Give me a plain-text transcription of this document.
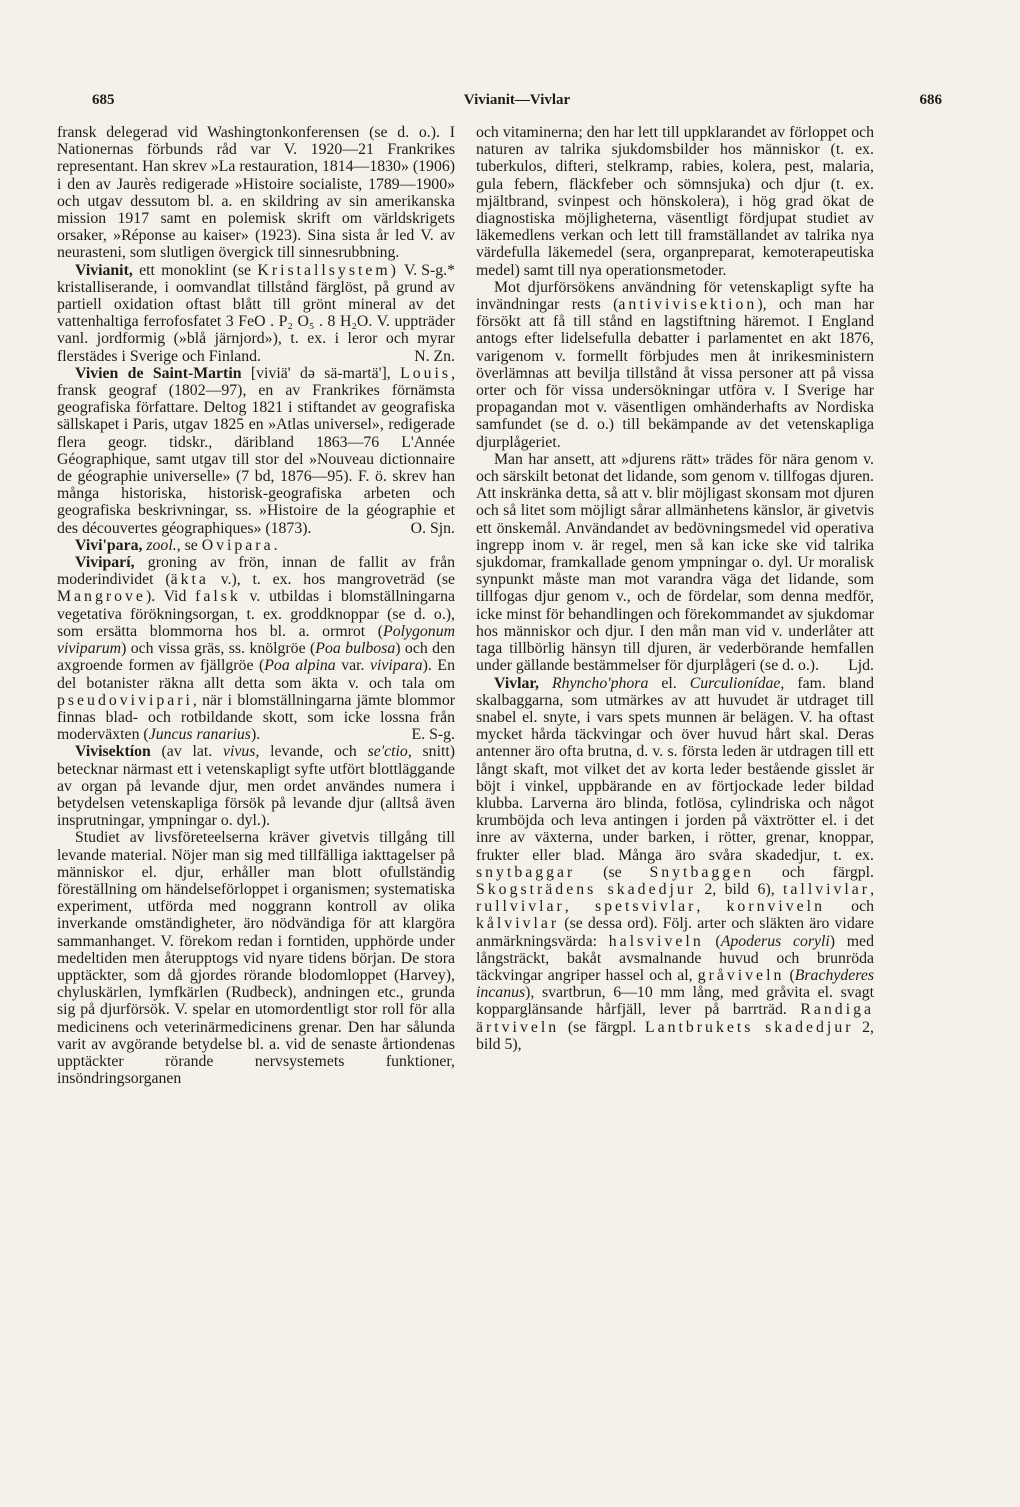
685	Vivianit—Vivlar	686

fransk delegerad vid Washingtonkonferensen (se d. o.). I Nationernas förbunds råd var V. 1920—21 Frankrikes representant. Han skrev »La restauration, 1814—1830» (1906) i den av Jaurès redigerade »Histoire socialiste, 1789—1900» och utgav dessutom bl. a. en skildring av sin amerikanska mission 1917 samt en polemisk skrift om världskrigets orsaker, »Réponse au kaiser» (1923). Sina sista år led V. av neurasteni, som slutligen övergick till sinnesrubbning.
V. S-g.*

Vivianit, ett monoklint (se Kristallsystem) kristalliserande, i oomvandlat tillstånd färglöst, på grund av partiell oxidation oftast blått till grönt mineral av det vattenhaltiga ferrofosfatet 3 FeO . P₂ O₅ . 8 H₂O. V. uppträder vanl. jordformig (»blå järnjord»), t. ex. i leror och myrar flerstädes i Sverige och Finland.	N. Zn.

Vivien de Saint-Martin [viviä' də sä-martä'], Louis, fransk geograf (1802—97), en av Frankrikes förnämsta geografiska författare. Deltog 1821 i stiftandet av geografiska sällskapet i Paris, utgav 1825 en »Atlas universel», redigerade flera geogr. tidskr., däribland 1863—76 L'Année Géographique, samt utgav till stor del »Nouveau dictionnaire de géographie universelle» (7 bd, 1876—95). F. ö. skrev han många historiska, historisk-geografiska arbeten och geografiska beskrivningar, ss. »Histoire de la géographie et des découvertes géographiques» (1873).	O. Sjn.

Vivi'para, zool., se Ovipara.

Viviparí, groning av frön, innan de fallit av från moderindividet (äkta v.), t. ex. hos mangroveträd (se Mangrove). Vid falsk v. utbildas i blomställningarna vegetativa förökningsorgan, t. ex. groddknoppar (se d. o.), som ersätta blommorna hos bl. a. ormrot (Polygonum viviparum) och vissa gräs, ss. knölgröe (Poa bulbosa) och den axgroende formen av fjällgröe (Poa alpina var. vivipara). En del botanister räkna allt detta som äkta v. och tala om pseudovivipari, när i blomställningarna jämte blommor finnas blad- och rotbildande skott, som icke lossna från moderväxten (Juncus ranarius).	E. S-g.

Vivisektíon (av lat. vivus, levande, och se'ctio, snitt) betecknar närmast ett i vetenskapligt syfte utfört blottläggande av organ på levande djur, men ordet användes numera i betydelsen vetenskapliga försök på levande djur (alltså även insprutningar, ympningar o. dyl.).

Studiet av livsföreteelserna kräver givetvis tillgång till levande material. Nöjer man sig med tillfälliga iakttagelser på människor el. djur, erhåller man blott ofullständig föreställning om händelseförloppet i organismen; systematiska experiment, utförda med noggrann kontroll av olika inverkande omständigheter, äro nödvändiga för att klargöra sammanhanget. V. förekom redan i forntiden, upphörde under medeltiden men återupptogs vid nyare tidens början. De stora upptäckter, som då gjordes rörande blodomloppet (Harvey), chyluskärlen, lymfkärlen (Rudbeck), andningen etc., grunda sig på djurförsök. V. spelar en utomordentligt stor roll för alla medicinens och veterinärmedicinens grenar. Den har sålunda varit av avgörande betydelse bl. a. vid de senaste årtiondenas upptäckter rörande nervsystemets funktioner, insöndringsorganen

och vitaminerna; den har lett till uppklarandet av förloppet och naturen av talrika sjukdomsbilder hos människor (t. ex. tuberkulos, difteri, stelkramp, rabies, kolera, pest, malaria, gula febern, fläckfeber och sömnsjuka) och djur (t. ex. mjältbrand, svinpest och hönskolera), i hög grad ökat de diagnostiska möjligheterna, väsentligt fördjupat studiet av läkemedlens verkan och lett till framställandet av talrika nya värdefulla läkemedel (sera, organpreparat, kemoterapeutiska medel) samt till nya operationsmetoder.

Mot djurförsökens användning för vetenskapligt syfte ha invändningar rests (antivivisektion), och man har försökt att få till stånd en lagstiftning häremot. I England antogs efter lidelsefulla debatter i parlamentet en akt 1876, varigenom v. formellt förbjudes men åt inrikesministern överlämnas att bevilja tillstånd åt vissa personer att på vissa orter och för vissa undersökningar utföra v. I Sverige har propagandan mot v. väsentligen omhänderhafts av Nordiska samfundet (se d. o.) till bekämpande av det vetenskapliga djurplågeriet.

Man har ansett, att »djurens rätt» trädes för nära genom v. och särskilt betonat det lidande, som genom v. tillfogas djuren. Att inskränka detta, så att v. blir möjligast skonsam mot djuren och så litet som möjligt sårar allmänhetens känslor, är givetvis ett önskemål. Användandet av bedövningsmedel vid operativa ingrepp inom v. är regel, men så kan icke ske vid talrika sjukdomar, framkallade genom ympningar o. dyl. Ur moralisk synpunkt måste man mot varandra väga det lidande, som tillfogas djur genom v., och de fördelar, som denna medför, icke minst för behandlingen och förekommandet av sjukdomar hos människor och djur. I den mån man vid v. underlåter att taga tillbörlig hänsyn till djuren, är vederbörande hemfallen under gällande bestämmelser för djurplågeri (se d. o.).	Ljd.

Vivlar, Rhyncho'phora el. Curculionídae, fam. bland skalbaggarna, som utmärkes av att huvudet är utdraget till snabel el. snyte, i vars spets munnen är belägen. V. ha oftast mycket hårda täckvingar och över huvud hårt skal. Deras antenner äro ofta brutna, d. v. s. första leden är utdragen till ett långt skaft, mot vilket det av korta leder bestående gisslet är böjt i vinkel, uppbärande en av förtjockade leder bildad klubba. Larverna äro blinda, fotlösa, cylindriska och något krumböjda och leva antingen i jorden på växtrötter el. i det inre av växterna, under barken, i rötter, grenar, knoppar, frukter eller blad. Många äro svåra skadedjur, t. ex. snytbaggar (se Snytbaggen och färgpl. Skogsträdens skadedjur 2, bild 6), tallvivlar, rullvivlar, spetsvivlar, kornviveln och kålvivlar (se dessa ord). Följ. arter och släkten äro vidare anmärkningsvärda: halsviveln (Apoderus coryli) med långsträckt, bakåt avsmalnande huvud och brunröda täckvingar angriper hassel och al, gråviveln (Brachyderes incanus), svartbrun, 6—10 mm lång, med gråvita el. svagt kopparglänsande hårfjäll, lever på barrträd. Randiga ärtviveln (se färgpl. Lantbrukets skadedjur 2, bild 5),
